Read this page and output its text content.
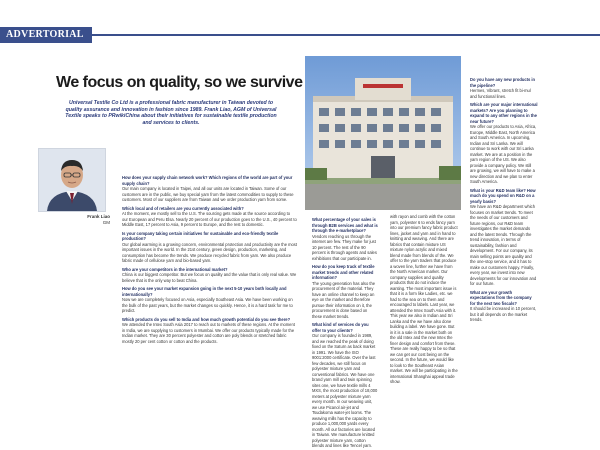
ADVERTORIAL
We focus on quality, so we survive
Universal Textile Co Ltd is a professional fabric manufacturer in Taiwan devoted to quality assurance and innovation in fashion since 1989. Frank Liao, AGM of Universal Textile speaks to PRwikiChina about their initiatives for sustainable textile production and services to clients.
Frank Liao
GM
How does your supply chain network work? Which regions of the world are part of your supply chain?
Our main company is located in Taipei, and all our units are located in Taiwan. Some of our customers are in the public, we buy special yarn from the latest commodities to supply to these customers. Most of our suppliers are from Taiwan and we order production yarn from some.
Which local and of retailers are you currently associated with?
At the moment, we mostly sell to the U.S. The sourcing gets made at the source according to our European and Peru Elsa. Nearly 20 percent of our production goes to the U.S., 40 percent to Middle East, 17 percent to Asia, 9 percent to Europe, and the rest to domestic.
Is your company taking certain initiatives for sustainable and eco-friendly textile production?
Our global warming is a growing concern, environmental protection and productivity are the most important issues in the world. In the 21st century, green design, production, marketing, and consumption has become the trends. We produce recycled fabric from yarn. We also produce fabric made of cellulose yarn and bio-based yarn.
Who are your competitors in the international market?
China is our biggest competitor. But we focus on quality and the value that is only real value. We believe that is the only way to beat China.
How do you see your market expansion going in the next 5-10 years both locally and internationally?
Now we are completely focused on Asia, especially Southeast Asia. We have been working on the bulk of the past years, but the market changes so quickly. Hence, it is a hard task for me to predict.
Which products do you sell to India and how much growth potential do you see there?
We attended the Intex South Asia 2017 to reach out to markets of these regions. At the moment in India, we are supplying to customers in Mumbai. We offer our products typically made for the Indian market. They are 30 percent polyester and cotton are poly blends or stretched fabric mostly 20 per cent cotton or cotton and the products.
What percentage of your sales is through B2B services and what is through the e-marketplace?
Vendors reaching us through the internet are few. They make for just 10 percent. The rest of the 90 percent is through agents and sales exhibitions that our participate in.
How do you keep track of textile market trends and other related information?
The young generation has also the procurement of the material. They have an online channel to keep an eye on the market and therefore pursue their information on it, the procurement is done based on these market trends.
What kind of services do you offer to your clients?
Our company is founded in 1989, and we reached the peak of doing fixed on the Saturn as back market in 1991. We have the ISO 9001:2000 certificate. Over the last few decades, we still focus on polyester mixture yarn and conventional fabrics. We have one brand yarn mill and twin spinning sites one, we have textile mills 4 MXS, the most production of 18,000 meters at polyester mixture yarn every month. In our weaving unit, we use Picanol air-jet and Tsudakoma water-jet looms. The weaving mills has the capacity to produce 1,000,000 yards every month. All our factories are located in Taiwan. We manufacture knitted polyester mixture yarn, cotton blends and lines like Tencel yarn.
with rayon and comb with the cotton yarn, polyester 6 to ends fancy yarn into our premium fancy fabric product lines, jacket and yarn and in hand to knitting and weaving. And there are fabrics that contain mixture US mixture nylon acrylic and mixed blend made from blends of the. We offer to the yarn traders that produce a woven line, further we have from the North American market. Our company supplies and quality products that do not induce the wanting. The most important issue is that it is a form like Ladies, etc. we had to the sea on to them and encouraged to labels. Last year, we attended the Intex South Asia with it. This year we also in Indian and Sri Lanka and the we have also done building a label. We have gone. But in it is a sale in the market both on the old Intex and the new Intex the finer design and comfort from these. These are really happy to be so that we can get our cost being on the second. In the future, we would like to look to the Southeast Asian market. We will be participating in the international Shanghai appeal trade show.
Do you have any new products in the pipeline?
Hermes, Vibrant, stretch fit bi-mul and functional lines.
Which are your major international markets? Are you planning to expand to any other regions in the near future?
We offer our products to Asia, Africa, Europe, Middle East, North America and South America. In upcoming, Indian and Sri Lanka. We will continue to work with our Sri Lanka market. We are at a position in the yarn region of the US. We also provide a company policy. We still are growing, we will have to make a new direction and we plan to enter South America.
What is your R&D team like? How much do you spend on R&D on a yearly basis?
We have an R&D department which focuses on market trends. To meet the needs of our customers and future regions, our R&D team investigates the market demands and the latest trends. Through the trend innovation, in terms of sustainability, fashion and development. For our company, its main selling points are quality and the one-stop service, and it has to make our customers happy. Finally, every year, we invest into new developments for our innovation and for our future.
What are your growth expectations from the company for the next two fiscals?
It should be increased in 10 percent, but it all depends on the market trends.
